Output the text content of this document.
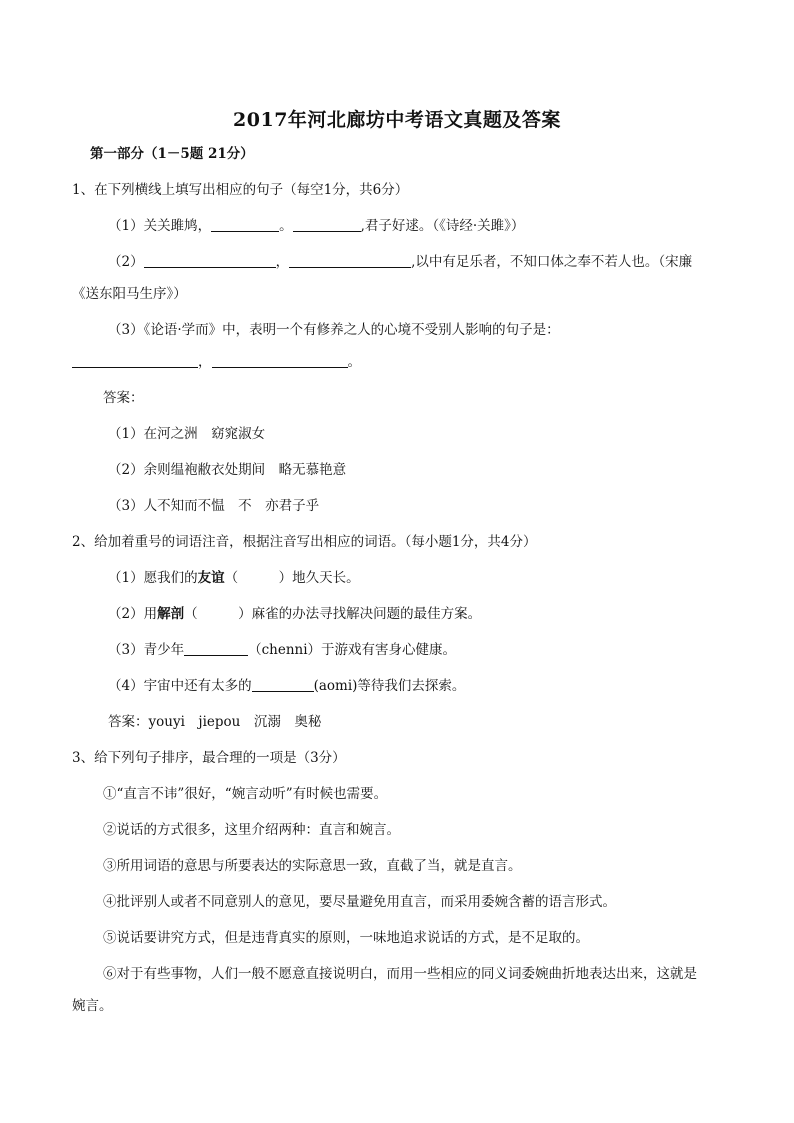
2017年河北廊坊中考语文真题及答案
第一部分（1－5题 21分）
1、在下列横线上填写出相应的句子（每空1分，共6分）
（1）关关雎鸠，	。	,君子好逑。（《诗经·关雎》）
（2）	，	,以中有足乐者，不知口体之奉不若人也。（宋廉
《送东阳马生序》）
（3）《论语·学而》中，表明一个有修养之人的心境不受别人影响的句子是：
，	。
答案：
（1）在河之洲　窈窕淑女
（2）余则缊袍敝衣处期间　略无慕艳意
（3）人不知而不愠　不　亦君子乎
2、给加着重号的词语注音，根据注音写出相应的词语。（每小题1分，共4分）
（1）愿我们的友谊（　　　）地久天长。
（2）用解剖（　　　）麻雀的办法寻找解决问题的最佳方案。
（3）青少年	（chenni）于游戏有害身心健康。
（4）宇宙中还有太多的	(aomi)等待我们去探索。
答案：youyi　jiepou　沉溺　奥秘
3、给下列句子排序，最合理的一项是（3分）
①“直言不讳”很好，“婉言动听”有时候也需要。
②说话的方式很多，这里介绍两种：直言和婉言。
③所用词语的意思与所要表达的实际意思一致，直截了当，就是直言。
④批评别人或者不同意别人的意见，要尽量避免用直言，而采用委婉含蓄的语言形式。
⑤说话要讲究方式，但是违背真实的原则，一味地追求说话的方式，是不足取的。
⑥对于有些事物，人们一般不愿意直接说明白，而用一些相应的同义词委婉曲折地表达出来，这就是
婉言。
